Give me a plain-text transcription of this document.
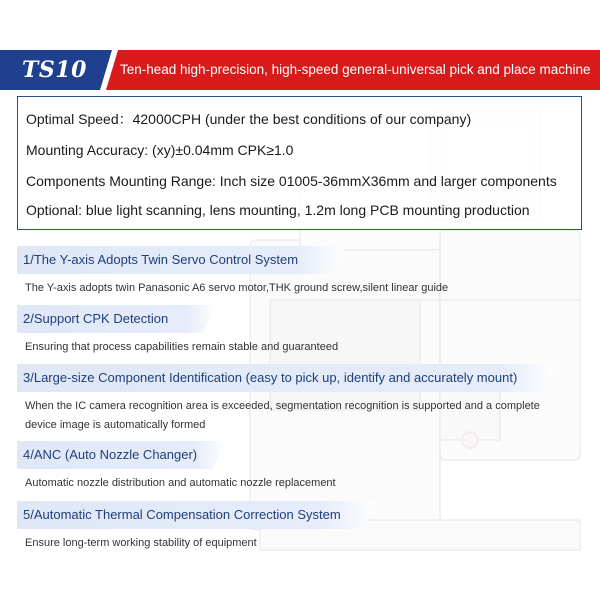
TS10	Ten-head high-precision, high-speed general-universal pick and place machine
Optimal Speed：42000CPH (under the best conditions of our company)
Mounting Accuracy: (xy)±0.04mm CPK≥1.0
Components Mounting Range: Inch size 01005-36mmX36mm and larger components
Optional: blue light scanning, lens mounting, 1.2m long PCB mounting production
1/The Y-axis Adopts Twin Servo Control System
The Y-axis adopts twin Panasonic A6 servo motor,THK ground screw,silent linear guide
2/Support CPK Detection
Ensuring that process capabilities remain stable and guaranteed
3/Large-size Component Identification (easy to pick up, identify and accurately mount)
When the IC camera recognition area is exceeded, segmentation recognition is supported and a complete
device image is automatically formed
4/ANC (Auto Nozzle Changer)
Automatic nozzle distribution and automatic nozzle replacement
5/Automatic Thermal Compensation Correction System
Ensure long-term working stability of equipment
